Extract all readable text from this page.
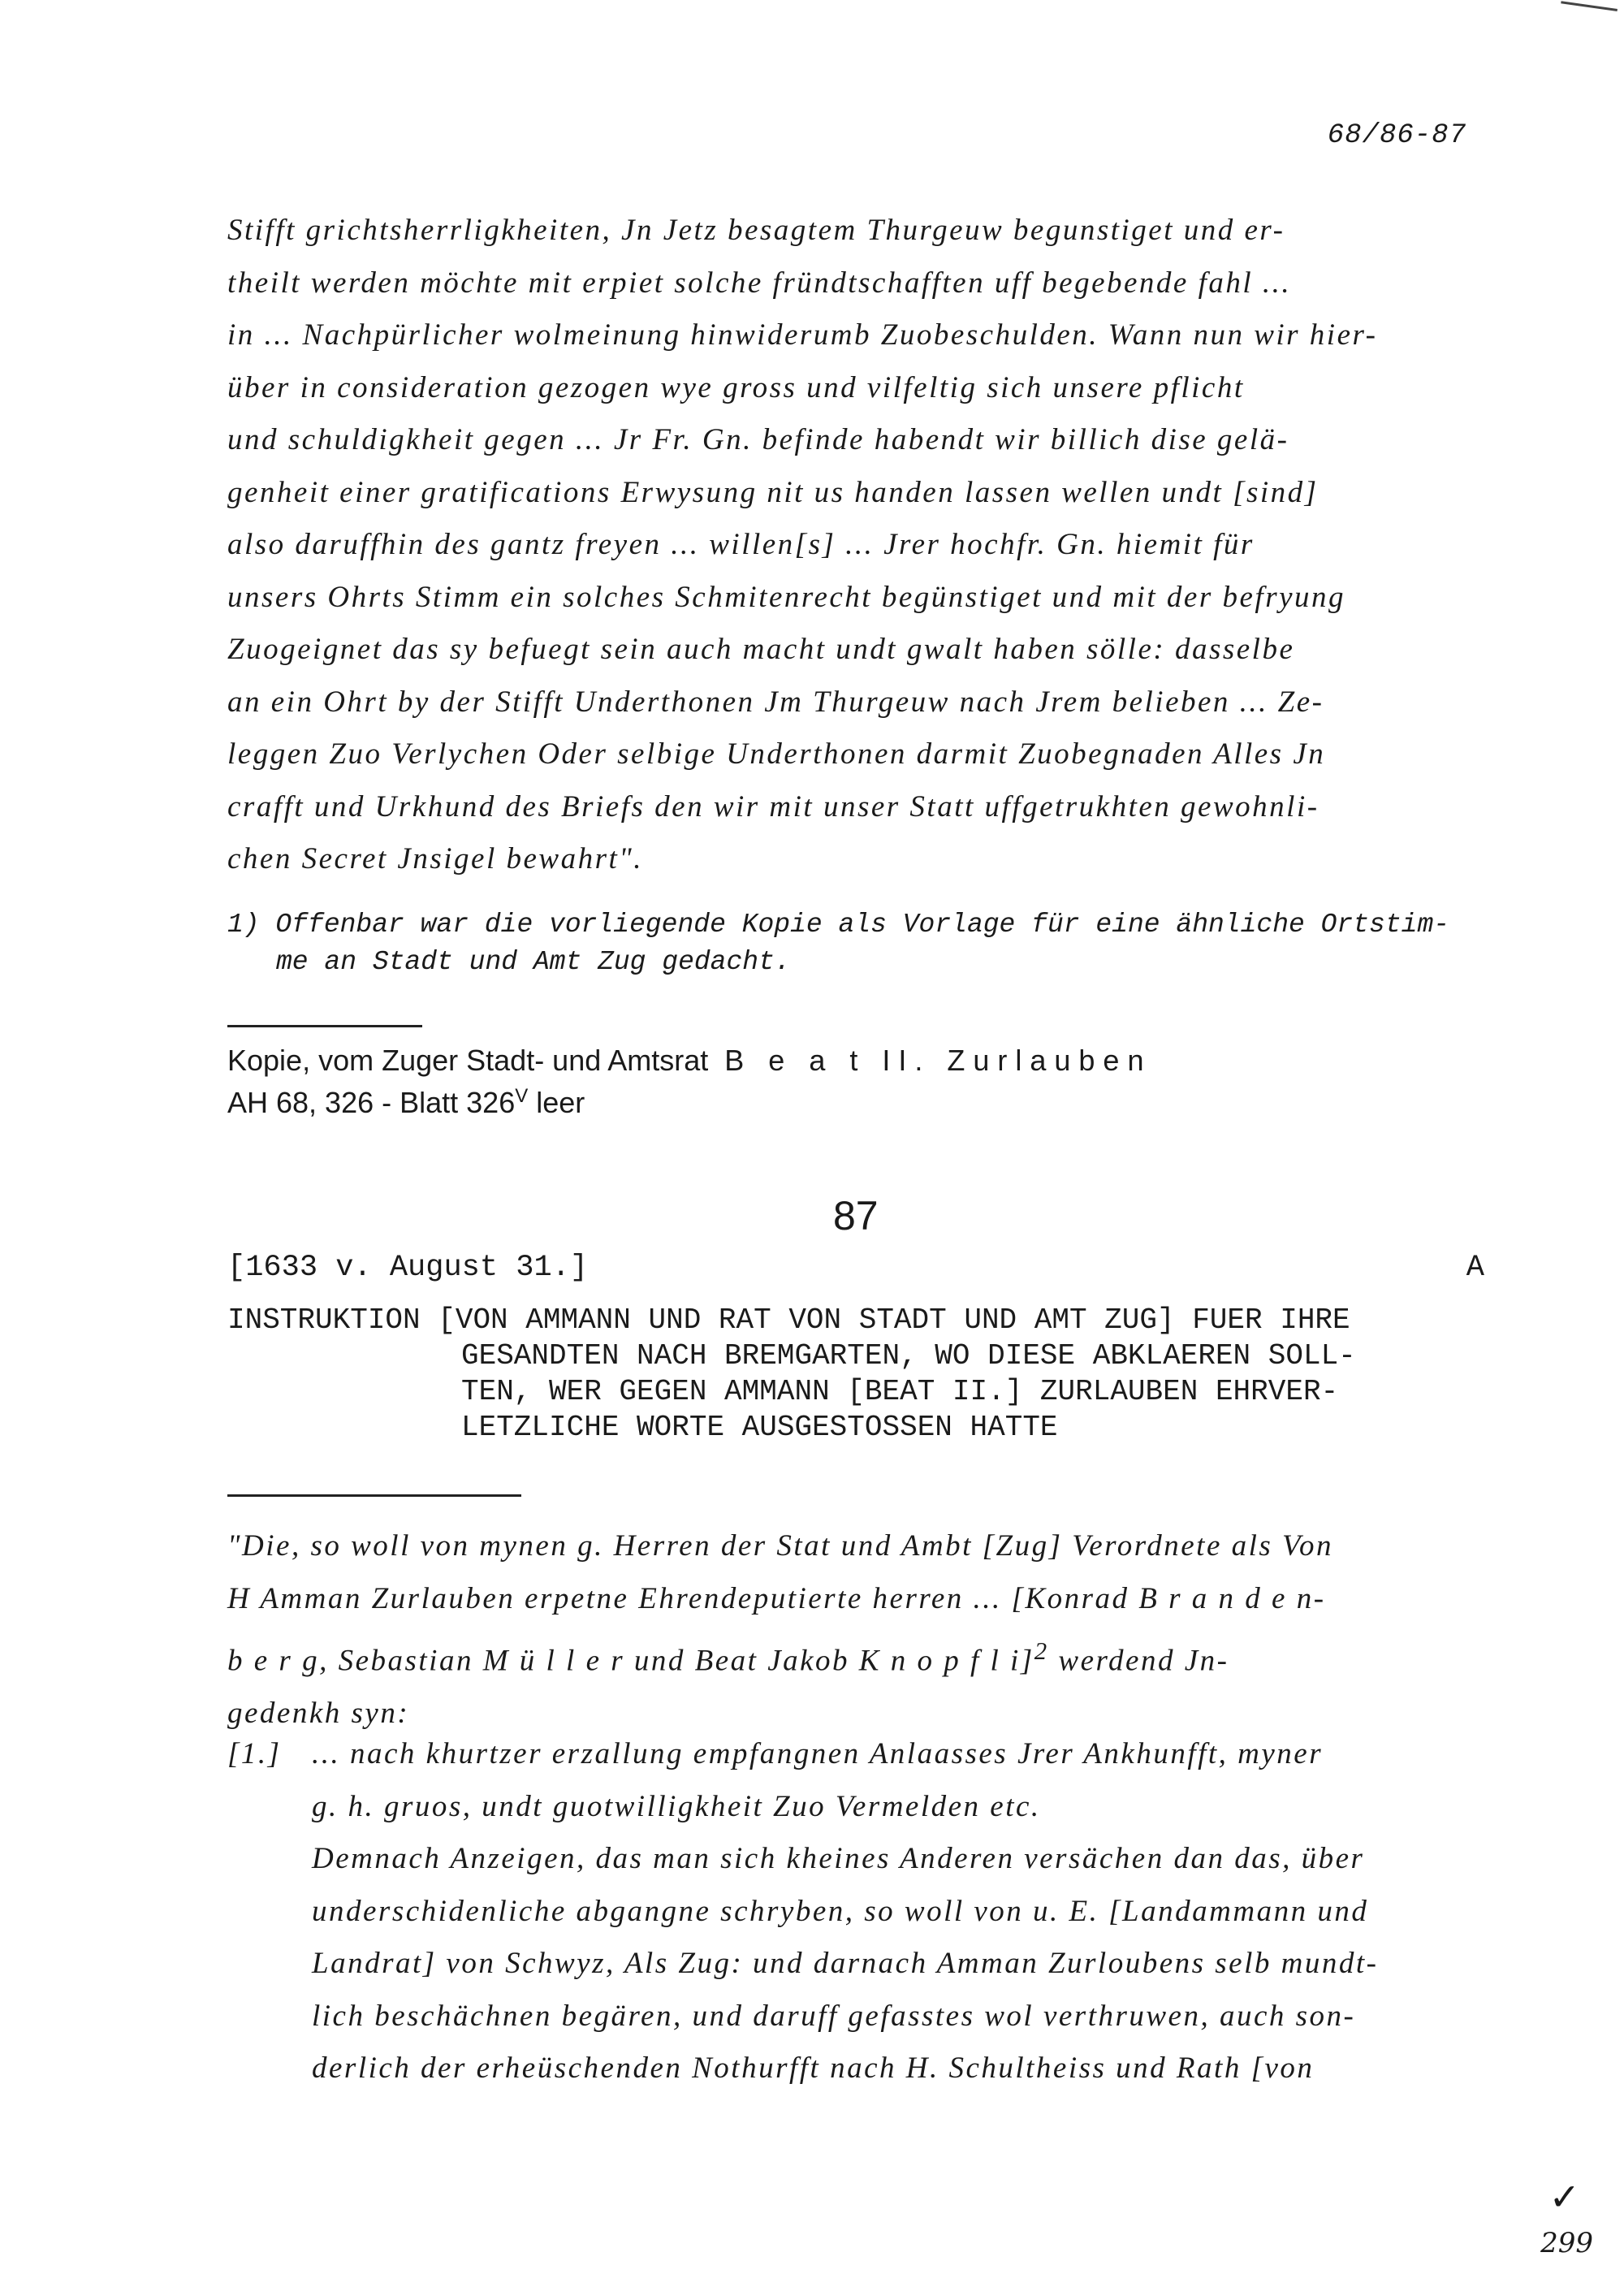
68/86-87
Stifft grichtsherrligkheiten, Jn Jetz besagtem Thurgeuw begunstiget und er-
theilt werden möchte mit erpiet solche fründtschafften uff begebende fahl ...
in ... Nachpürlicher wolmeinung hinwiderumb Zuobeschulden. Wann nun wir hier-
über in consideration gezogen wye gross und vilfeltig sich unsere pflicht
und schuldigkheit gegen ... Jr Fr. Gn. befinde habendt wir billich dise gelä-
genheit einer gratifications Erwysung nit us handen lassen wellen undt [sind]
also daruffhin des gantz freyen ... willen[s] ... Jrer hochfr. Gn. hiemit für
unsers Ohrts Stimm ein solches Schmitenrecht begünstiget und mit der befryung
Zuogeignet das sy befuegt sein auch macht undt gwalt haben sölle: dasselbe
an ein Ohrt by der Stifft Underthonen Jm Thurgeuw nach Jrem belieben ... Ze-
leggen Zuo Verlychen Oder selbige Underthonen darmit Zuobegnaden Alles Jn
crafft und Urkhund des Briefs den wir mit unser Statt uffgetrukhten gewohnli-
chen Secret Jnsigel bewahrt".
1) Offenbar war die vorliegende Kopie als Vorlage für eine ähnliche Ortstim-
me an Stadt und Amt Zug gedacht.
Kopie, vom Zuger Stadt- und Amtsrat B e a t II. Zurlauben
AH 68, 326 - Blatt $326^V$ leer
87
[1633 v. August 31.]	A
INSTRUKTION [VON AMMANN UND RAT VON STADT UND AMT ZUG] FUER IHRE
GESANDTEN NACH BREMGARTEN, WO DIESE ABKLAEREN SOLL-
TEN, WER GEGEN AMMANN [BEAT II.] ZURLAUBEN EHRVER-
LETZLICHE WORTE AUSGESTOSSEN HATTE
"Die, so woll von mynen g. Herren der Stat und Ambt [Zug] Verordnete als Von
H Amman Zurlauben erpetne Ehrendeputierte herren ... [Konrad B r a n d e n-
b e r g, Sebastian M ü l l e r und Beat Jakob K n o p f l i]$^2$ werdend Jn-
gedenkh syn:
[1.] ... nach khurtzer erzallung empfangnen Anlaasses Jrer Ankhunfft, myner
g. h. gruos, undt guotwilligkheit Zuo Vermelden etc.
Demnach Anzeigen, das man sich kheines Anderen versächen dan das, über
underschidenliche abgangne schryben, so woll von u. E. [Landammann und
Landrat] von Schwyz, Als Zug: und darnach Amman Zurloubens selb mundt-
lich beschächnen begären, und daruff gefasstes wol verthruwen, auch son-
derlich der erheüschenden Nothurfft nach H. Schultheiss und Rath [von
✓
299
